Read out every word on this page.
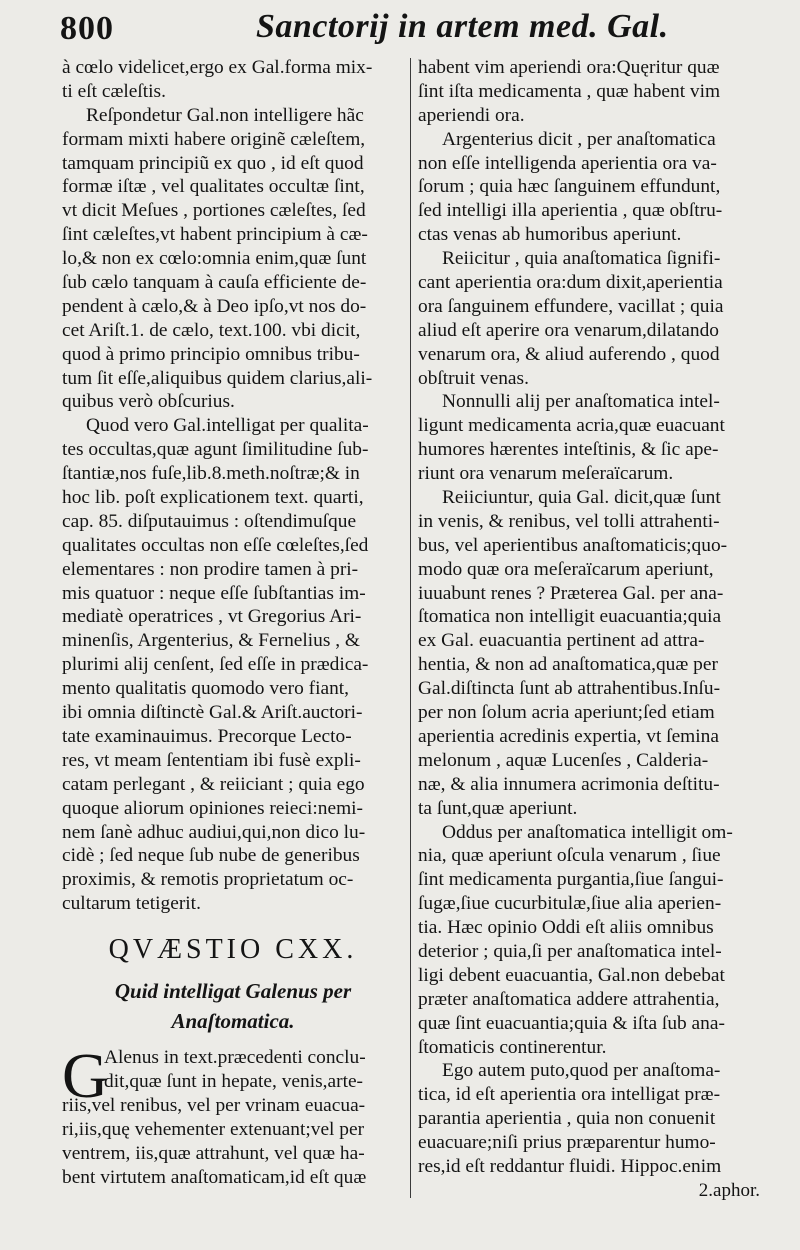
800	Sanctorij in artem med. Gal.
à cœlo videlicet,ergo ex Gal.forma mix-
ti eſt cæleſtis.
Reſpondetur Gal.non intelligere hãc
formam mixti habere originẽ cæleſtem,
tamquam principiũ ex quo , id eſt quod
formæ iſtæ , vel qualitates occultæ ſint,
vt dicit Meſues , portiones cæleſtes, ſed
ſint cæleſtes,vt habent principium à cæ-
lo,& non ex cœlo:omnia enim,quæ ſunt
ſub cælo tanquam à cauſa efficiente de-
pendent à cælo,& à Deo ipſo,vt nos do-
cet Ariſt.1. de cælo, text.100. vbi dicit,
quod à primo principio omnibus tribu-
tum ſit eſſe,aliquibus quidem clarius,ali-
quibus verò obſcurius.
Quod vero Gal.intelligat per qualita-
tes occultas,quæ agunt ſimilitudine ſub-
ſtantiæ,nos fuſe,lib.8.meth.noſtræ;& in
hoc lib. poſt explicationem text. quarti,
cap. 85. diſputauimus : oſtendimuſque
qualitates occultas non eſſe cœleſtes,ſed
elementares : non prodire tamen à pri-
mis quatuor : neque eſſe ſubſtantias im-
mediatè operatrices , vt Gregorius Ari-
minenſis, Argenterius, & Fernelius , &
plurimi alij cenſent, ſed eſſe in prædica-
mento qualitatis quomodo vero fiant,
ibi omnia diſtinctè Gal.& Ariſt.auctori-
tate examinauimus. Precorque Lecto-
res, vt meam ſententiam ibi fusè expli-
catam perlegant , & reiiciant ; quia ego
quoque aliorum opiniones reieci:nemi-
nem ſanè adhuc audiui,qui,non dico lu-
cidè ; ſed neque ſub nube de generibus
proximis, & remotis proprietatum oc-
cultarum tetigerit.
QVÆSTIO CXX.
Quid intelligat Galenus per
Anaſtomatica.
G
Alenus in text.præcedenti conclu-
dit,quæ ſunt in hepate, venis,arte-
riis,vel renibus, vel per vrinam euacua-
ri,iis,quę vehementer extenuant;vel per
ventrem, iis,quæ attrahunt, vel quæ ha-
bent virtutem anaſtomaticam,id eſt quæ
habent vim aperiendi ora:Quęritur quæ
ſint iſta medicamenta , quæ habent vim
aperiendi ora.
Argenterius dicit , per anaſtomatica
non eſſe intelligenda aperientia ora va-
ſorum ; quia hæc ſanguinem effundunt,
ſed intelligi illa aperientia , quæ obſtru-
ctas venas ab humoribus aperiunt.
Reiicitur , quia anaſtomatica ſignifi-
cant aperientia ora:dum dixit,aperientia
ora ſanguinem effundere, vacillat ; quia
aliud eſt aperire ora venarum,dilatando
venarum ora, & aliud auferendo , quod
obſtruit venas.
Nonnulli alij per anaſtomatica intel-
ligunt medicamenta acria,quæ euacuant
humores hærentes inteſtinis, & ſic ape-
riunt ora venarum meſeraïcarum.
Reiiciuntur, quia Gal. dicit,quæ ſunt
in venis, & renibus, vel tolli attrahenti-
bus, vel aperientibus anaſtomaticis;quo-
modo quæ ora meſeraïcarum aperiunt,
iuuabunt renes ? Præterea Gal. per ana-
ſtomatica non intelligit euacuantia;quia
ex Gal. euacuantia pertinent ad attra-
hentia, & non ad anaſtomatica,quæ per
Gal.diſtincta ſunt ab attrahentibus.Inſu-
per non ſolum acria aperiunt;ſed etiam
aperientia acredinis expertia, vt ſemina
melonum , aquæ Lucenſes , Calderia-
næ, & alia innumera acrimonia deſtitu-
ta ſunt,quæ aperiunt.
Oddus per anaſtomatica intelligit om-
nia, quæ aperiunt oſcula venarum , ſiue
ſint medicamenta purgantia,ſiue ſangui-
ſugæ,ſiue cucurbitulæ,ſiue alia aperien-
tia. Hæc opinio Oddi eſt aliis omnibus
deterior ; quia,ſi per anaſtomatica intel-
ligi debent euacuantia, Gal.non debebat
præter anaſtomatica addere attrahentia,
quæ ſint euacuantia;quia & iſta ſub ana-
ſtomaticis continerentur.
Ego autem puto,quod per anaſtoma-
tica, id eſt aperientia ora intelligat præ-
parantia aperientia , quia non conuenit
euacuare;niſi prius præparentur humo-
res,id eſt reddantur fluidi. Hippoc.enim
2.aphor.
